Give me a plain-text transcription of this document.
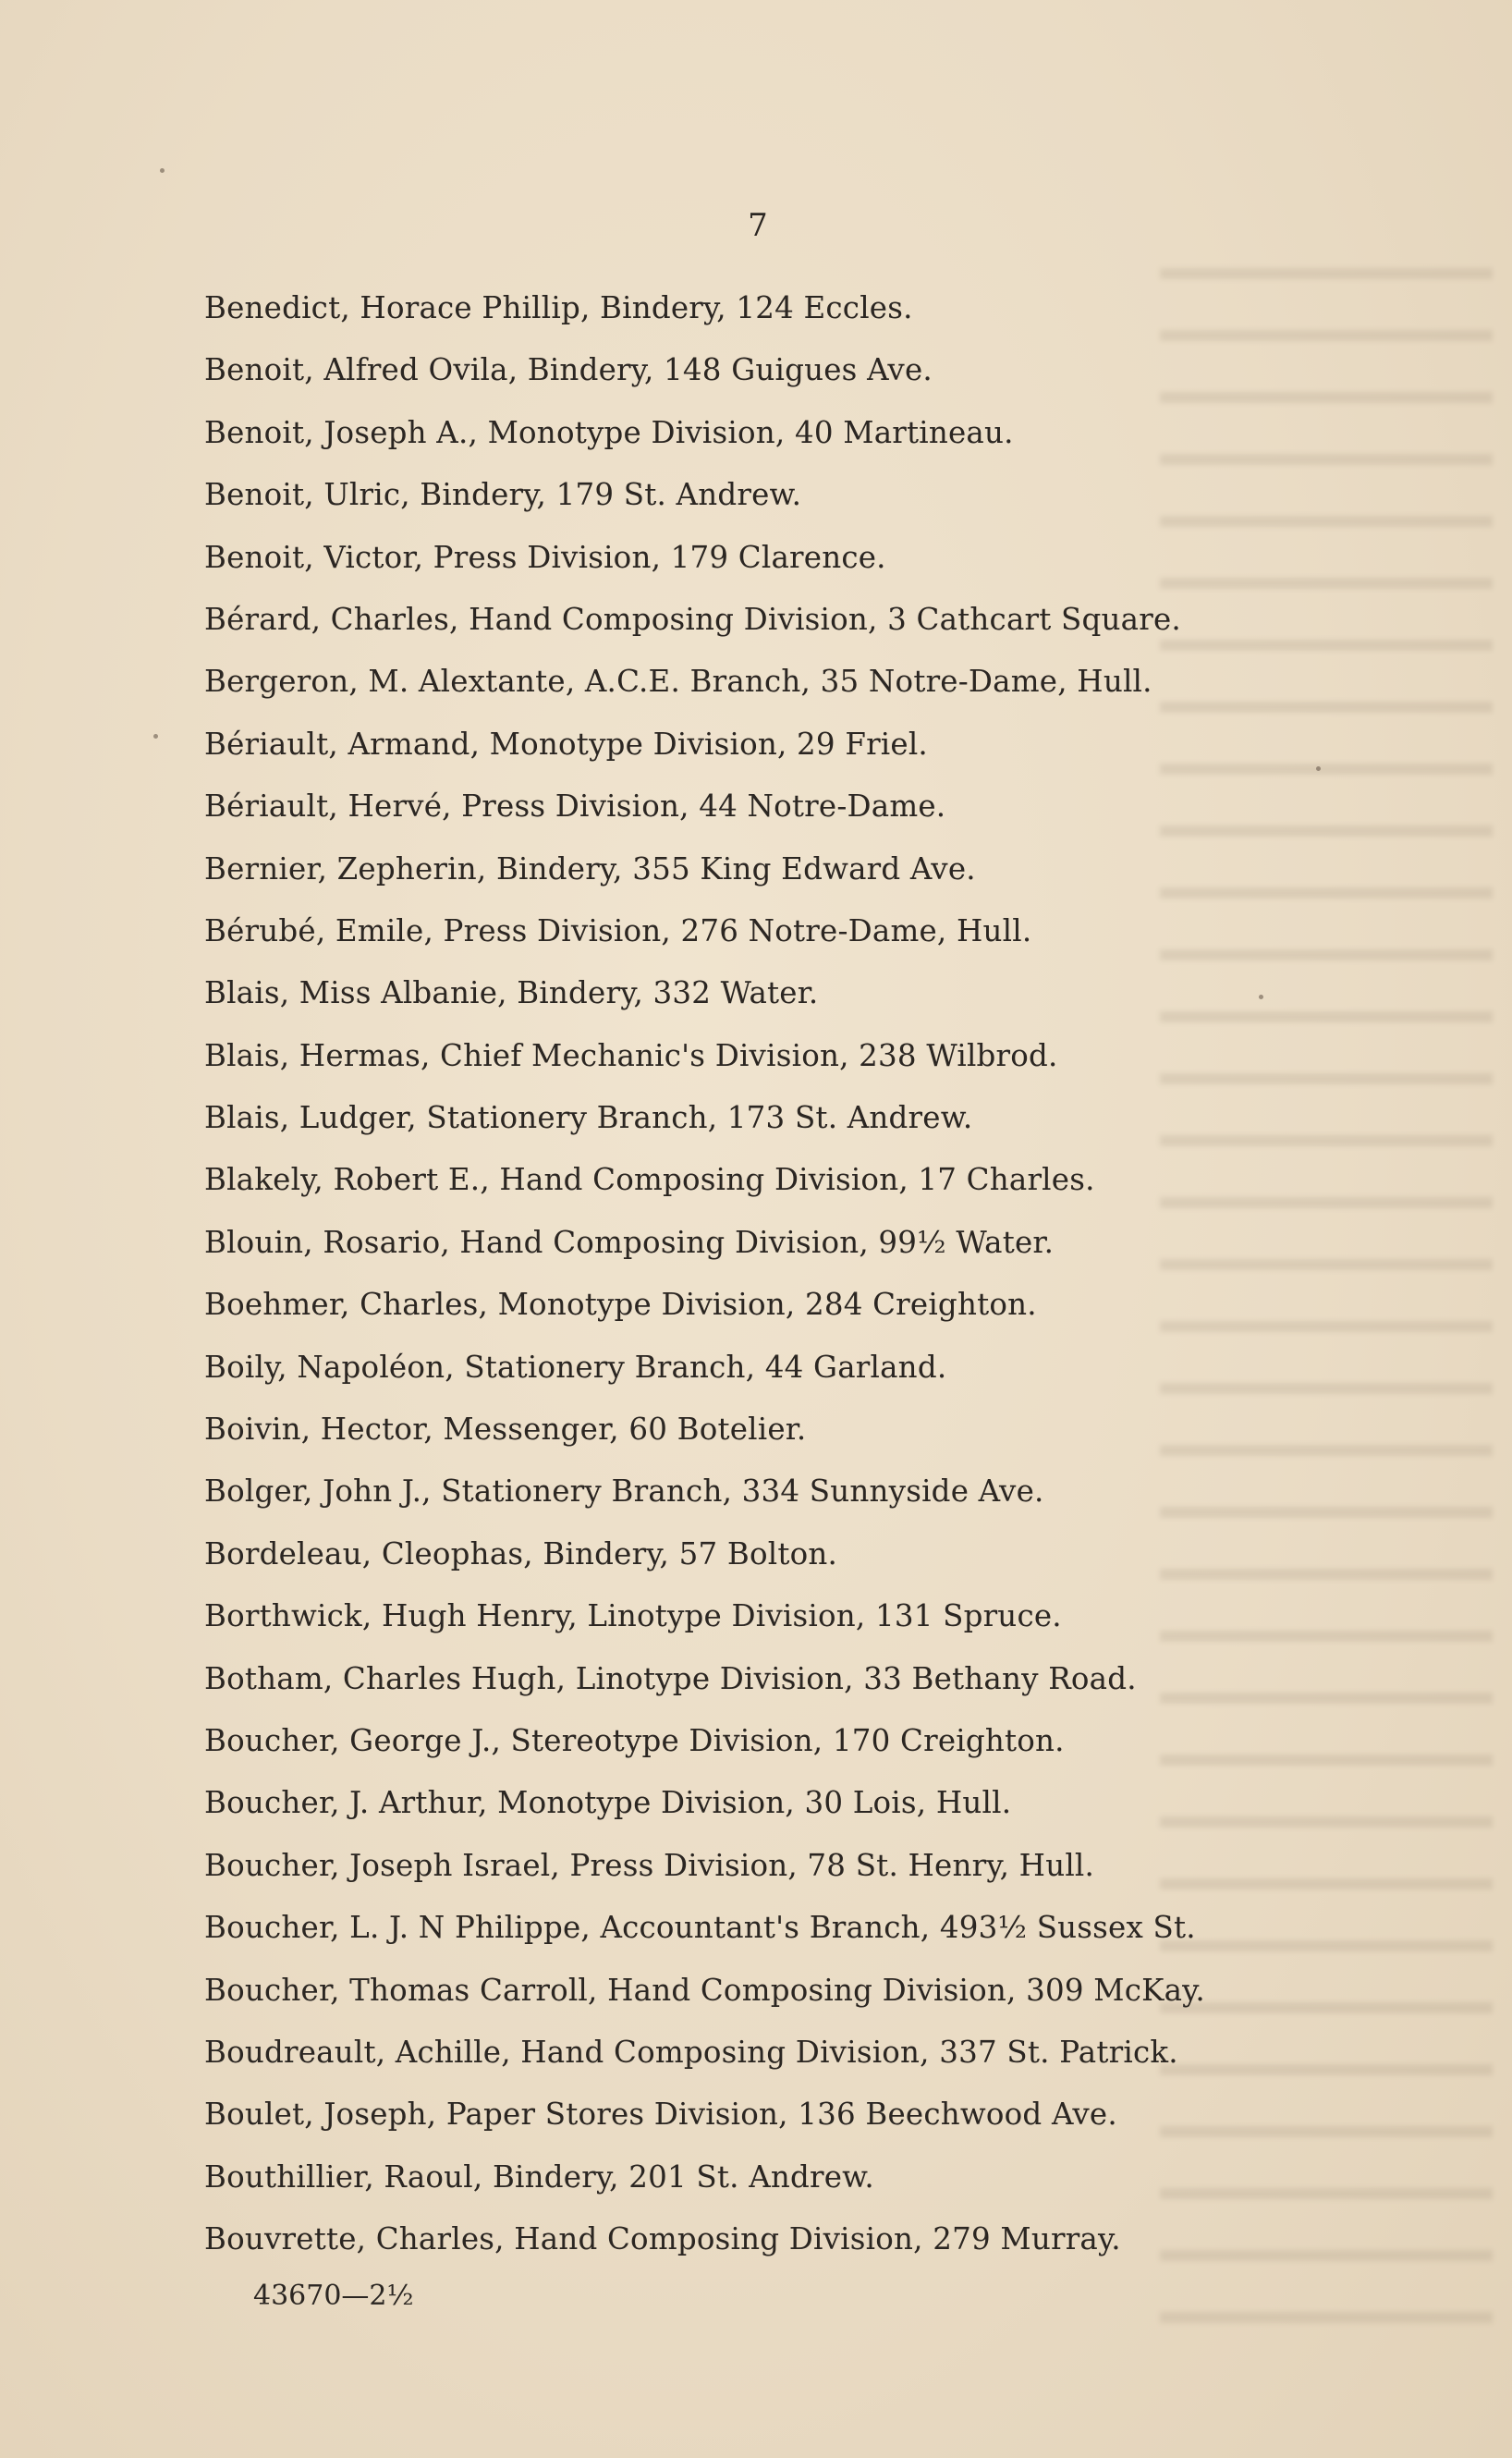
7
Benedict, Horace Phillip, Bindery, 124 Eccles.
Benoit, Alfred Ovila, Bindery, 148 Guigues Ave.
Benoit, Joseph A., Monotype Division, 40 Martineau.
Benoit, Ulric, Bindery, 179 St. Andrew.
Benoit, Victor, Press Division, 179 Clarence.
Bérard, Charles, Hand Composing Division, 3 Cathcart Square.
Bergeron, M. Alextante, A.C.E. Branch, 35 Notre-Dame, Hull.
Bériault, Armand, Monotype Division, 29 Friel.
Bériault, Hervé, Press Division, 44 Notre-Dame.
Bernier, Zepherin, Bindery, 355 King Edward Ave.
Bérubé, Emile, Press Division, 276 Notre-Dame, Hull.
Blais, Miss Albanie, Bindery, 332 Water.
Blais, Hermas, Chief Mechanic's Division, 238 Wilbrod.
Blais, Ludger, Stationery Branch, 173 St. Andrew.
Blakely, Robert E., Hand Composing Division, 17 Charles.
Blouin, Rosario, Hand Composing Division, 99½ Water.
Boehmer, Charles, Monotype Division, 284 Creighton.
Boily, Napoléon, Stationery Branch, 44 Garland.
Boivin, Hector, Messenger, 60 Botelier.
Bolger, John J., Stationery Branch, 334 Sunnyside Ave.
Bordeleau, Cleophas, Bindery, 57 Bolton.
Borthwick, Hugh Henry, Linotype Division, 131 Spruce.
Botham, Charles Hugh, Linotype Division, 33 Bethany Road.
Boucher, George J., Stereotype Division, 170 Creighton.
Boucher, J. Arthur, Monotype Division, 30 Lois, Hull.
Boucher, Joseph Israel, Press Division, 78 St. Henry, Hull.
Boucher, L. J. N Philippe, Accountant's Branch, 493½ Sussex St.
Boucher, Thomas Carroll, Hand Composing Division, 309 McKay.
Boudreault, Achille, Hand Composing Division, 337 St. Patrick.
Boulet, Joseph, Paper Stores Division, 136 Beechwood Ave.
Bouthillier, Raoul, Bindery, 201 St. Andrew.
Bouvrette, Charles, Hand Composing Division, 279 Murray.
43670—2½
